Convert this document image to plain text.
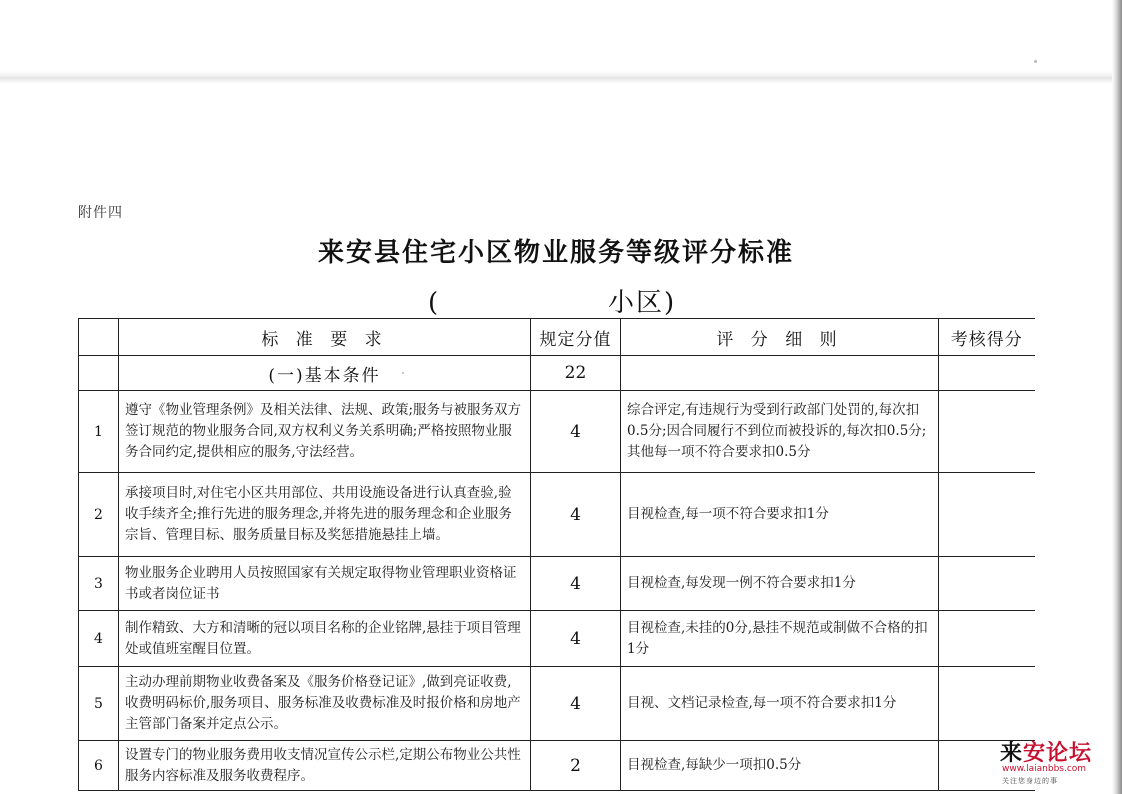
附件四
来安县住宅小区物业服务等级评分标准
(	小区)
	标 准 要 求	规定分值	评 分 细 则	考核得分
	(一)基本条件	22		
1	遵守《物业管理条例》及相关法律、法规、政策;服务与被服务双方签订规范的物业服务合同,双方权利义务关系明确;严格按照物业服务合同约定,提供相应的服务,守法经营。	4	综合评定,有违规行为受到行政部门处罚的,每次扣0.5分;因合同履行不到位而被投诉的,每次扣0.5分;其他每一项不符合要求扣0.5分	
2	承接项目时,对住宅小区共用部位、共用设施设备进行认真查验,验收手续齐全;推行先进的服务理念,并将先进的服务理念和企业服务宗旨、管理目标、服务质量目标及奖惩措施悬挂上墙。	4	目视检查,每一项不符合要求扣1分	
3	物业服务企业聘用人员按照国家有关规定取得物业管理职业资格证书或者岗位证书	4	目视检查,每发现一例不符合要求扣1分	
4	制作精致、大方和清晰的冠以项目名称的企业铭牌,悬挂于项目管理处或值班室醒目位置。	4	目视检查,未挂的0分,悬挂不规范或制做不合格的扣1分	
5	主动办理前期物业收费备案及《服务价格登记证》,做到亮证收费,收费明码标价,服务项目、服务标准及收费标准及时报价格和房地产主管部门备案并定点公示。	4	目视、文档记录检查,每一项不符合要求扣1分	
6	设置专门的物业服务费用收支情况宣传公示栏,定期公布物业公共性服务内容标准及服务收费程序。	2	目视检查,每缺少一项扣0.5分		来安论坛
www.laianbbs.com
关注您身边的事
